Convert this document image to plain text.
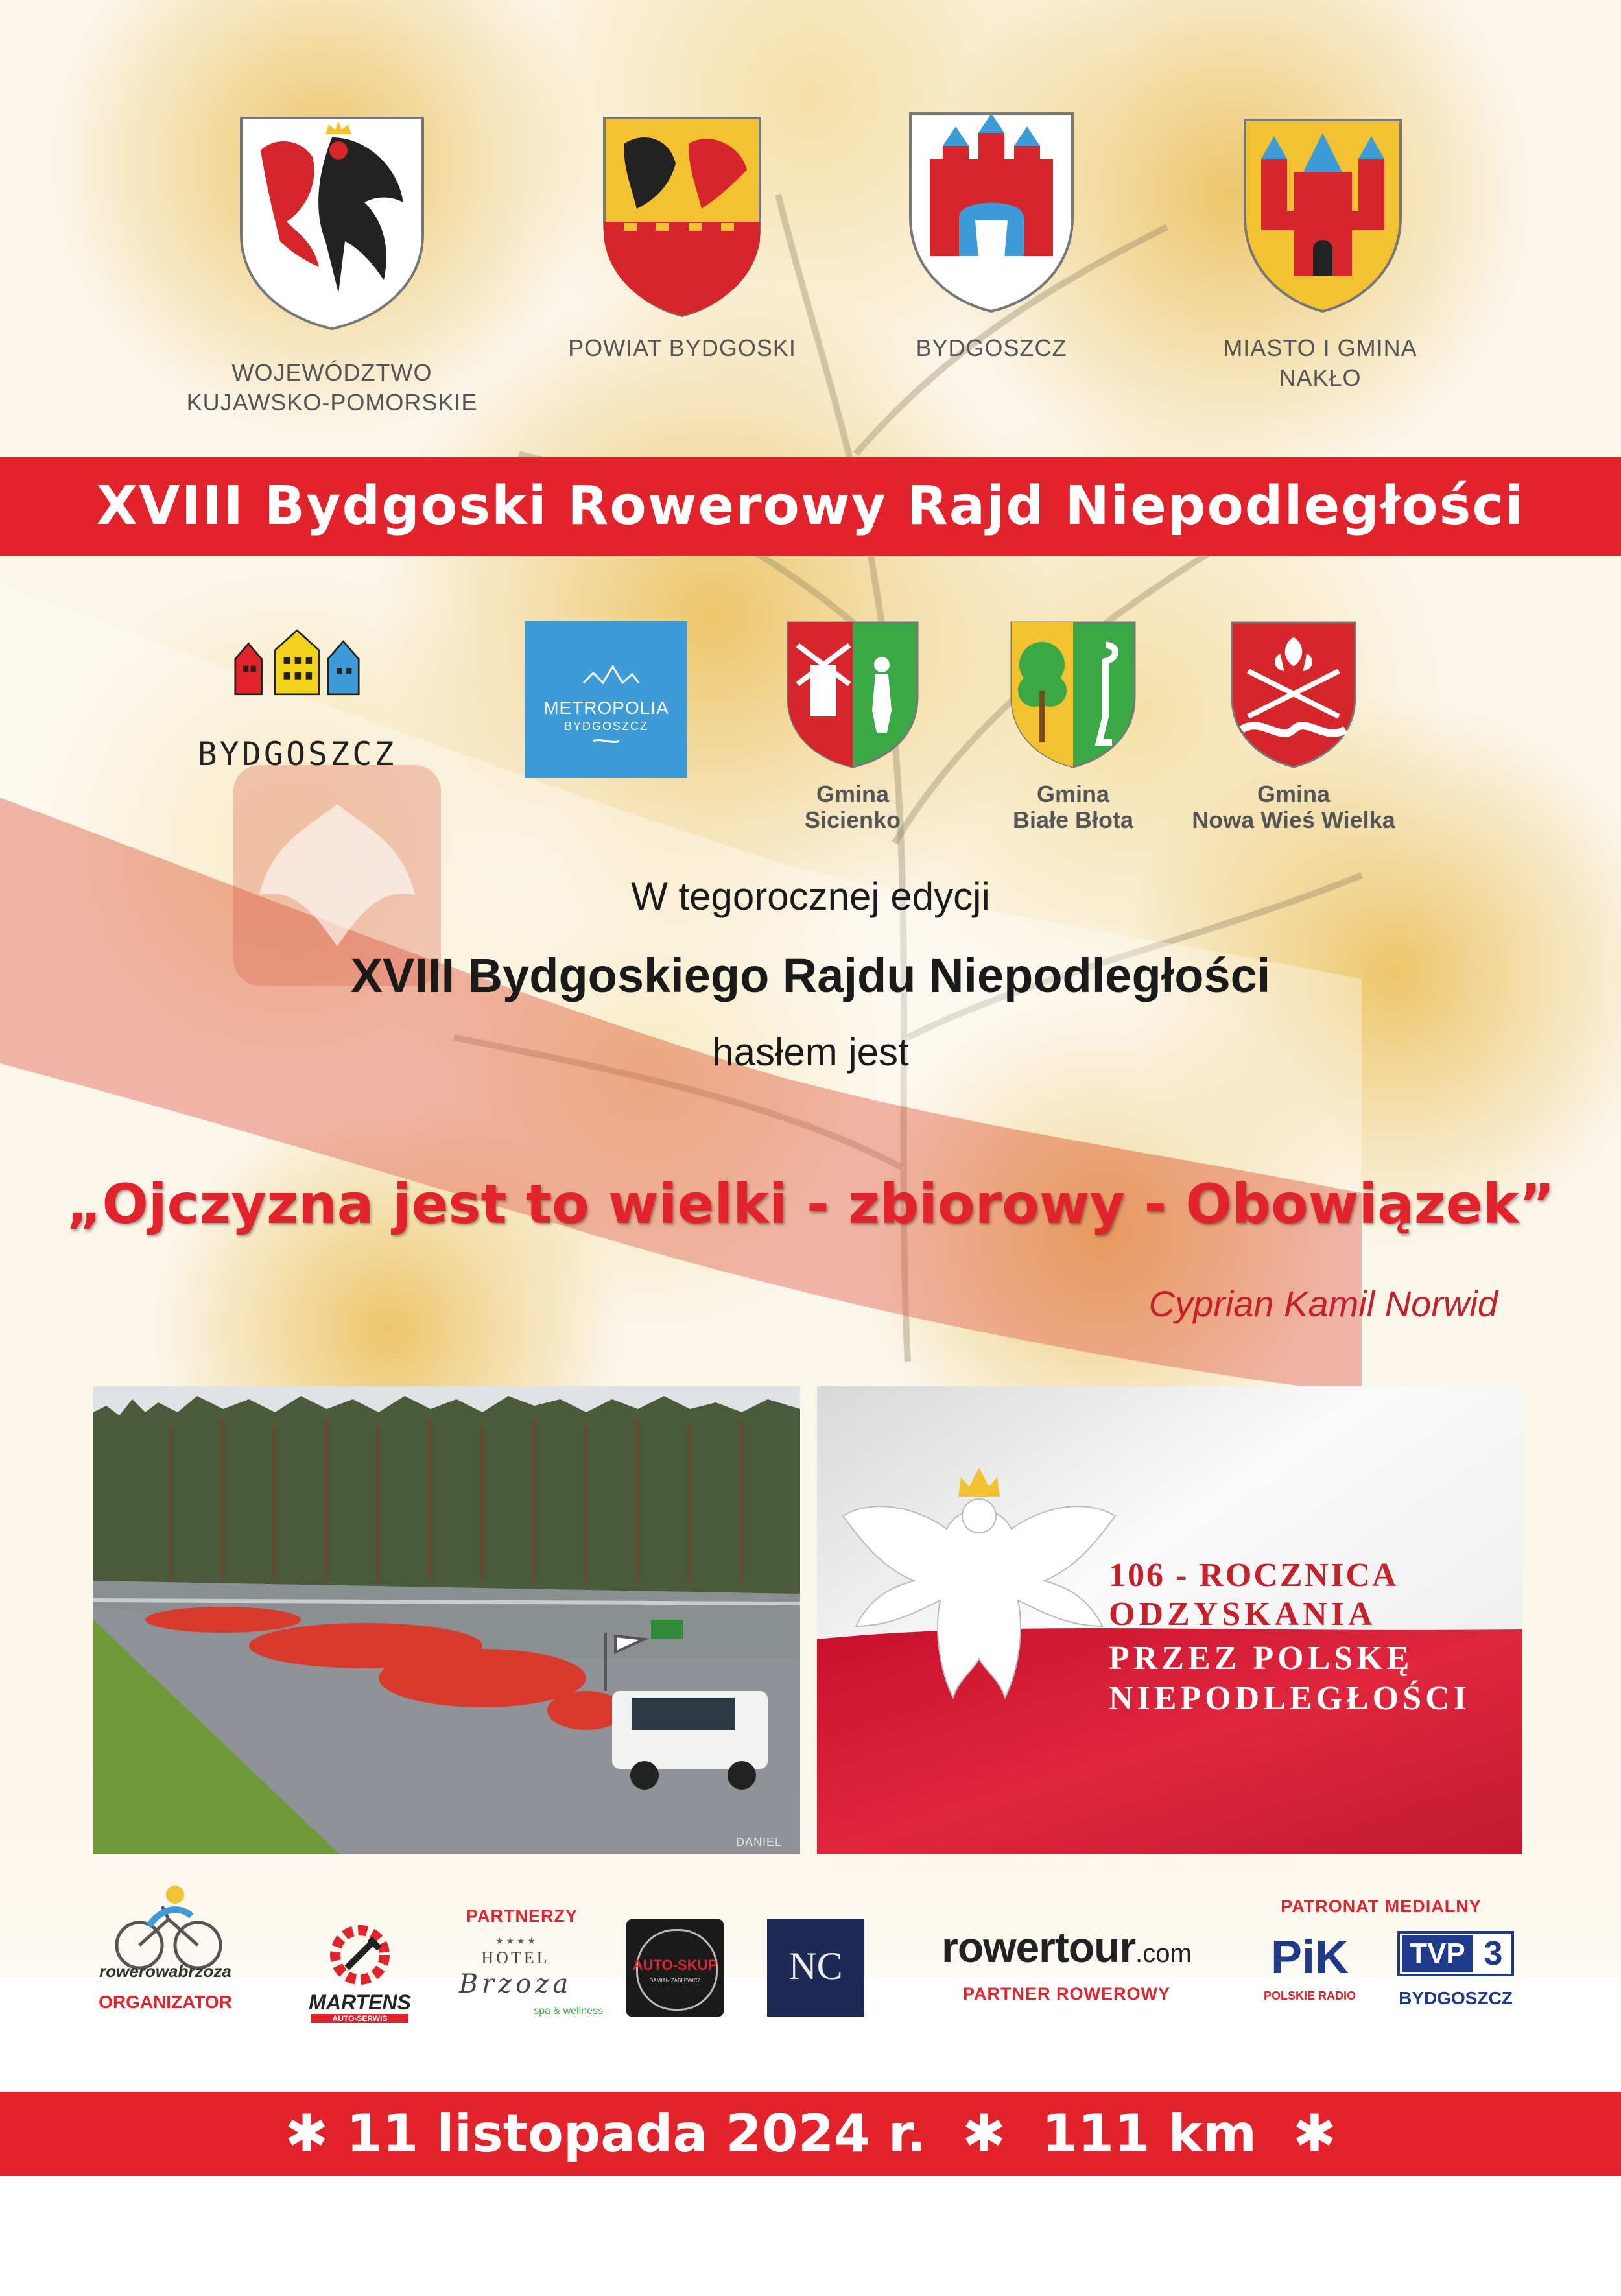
WOJEWÓDZTWO
KUJAWSKO-POMORSKIE
POWIAT BYDGOSKI	BYDGOSZCZ	MIASTO I GMINA
NAKŁO
XVIII Bydgoski Rowerowy Rajd Niepodległości
BYDGOSZCZ
METROPOLIA
BYDGOSZCZ
Gmina
Sicienko
Gmina
Białe Błota
Gmina
Nowa Wieś Wielka
W tegorocznej edycji
XVIII Bydgoskiego Rajdu Niepodległości
hasłem jest
„Ojczyzna jest to wielki - zbiorowy - Obowiązek”
Cyprian Kamil Norwid
DANIEL
106 - ROCZNICA
ODZYSKANIA
PRZEZ POLSKĘ
NIEPODLEGŁOŚCI
rowerowabrzoza
ORGANIZATOR
PARTNERZY
MARTENS
AUTO-SERWIS
★ ★ ★ ★
HOTEL
Brzoza
spa & wellness
AUTO-SKUP
DAMIAN ZABŁEWICZ	NC	rowertour.com
PARTNER ROWEROWY
PATRONAT MEDIALNY
PiK
POLSKIE RADIO
TVP 3
BYDGOSZCZ
✱ 11 listopada 2024 r.  ✱  111 km  ✱
